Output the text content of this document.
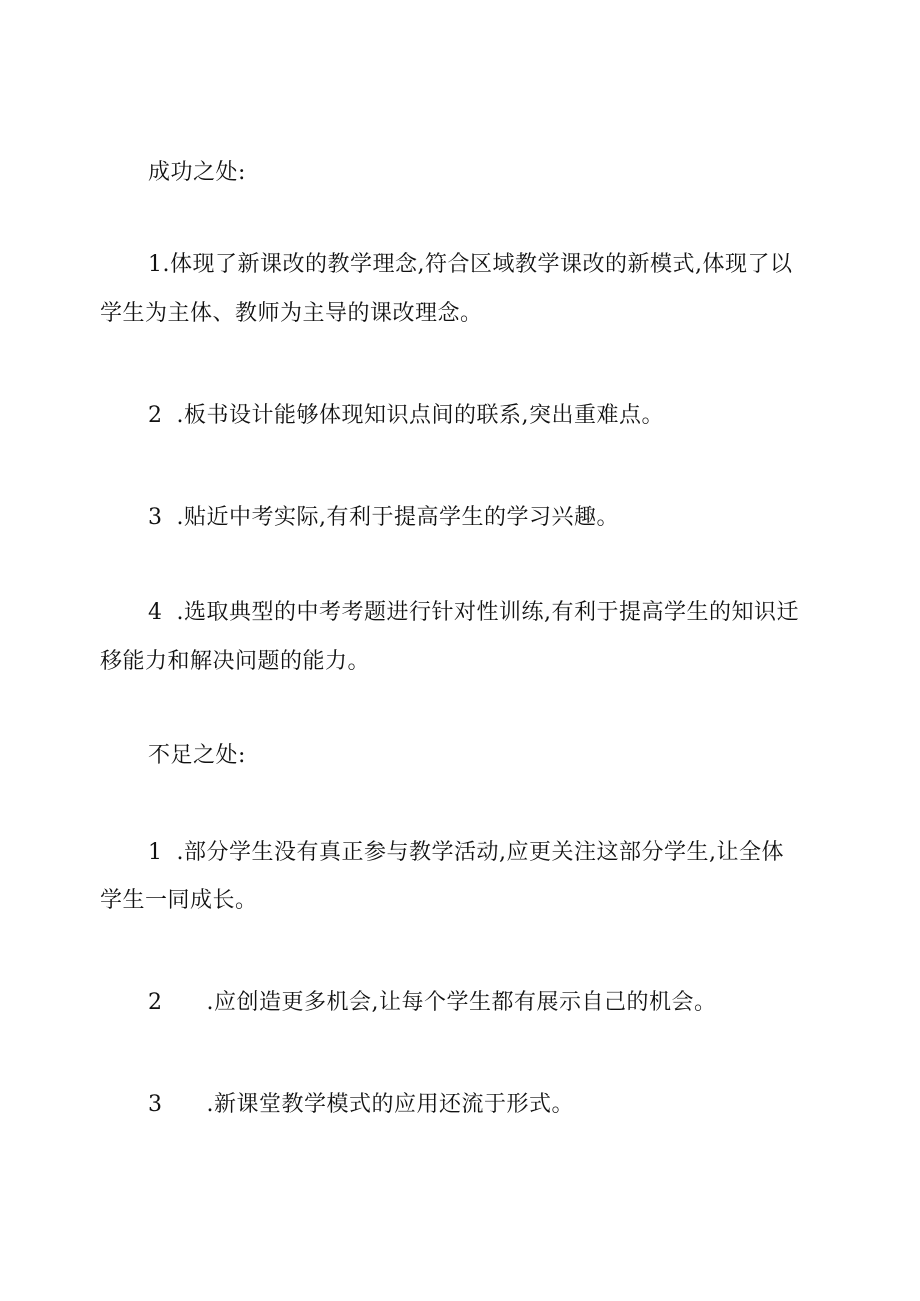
成功之处:
1.体现了新课改的教学理念,符合区域教学课改的新模式,体现了以
学生为主体、教师为主导的课改理念。
2 .板书设计能够体现知识点间的联系,突出重难点。
3 .贴近中考实际,有利于提高学生的学习兴趣。
4 .选取典型的中考考题进行针对性训练,有利于提高学生的知识迁
移能力和解决问题的能力。
不足之处:
1 .部分学生没有真正参与教学活动,应更关注这部分学生,让全体
学生一同成长。
2 .应创造更多机会,让每个学生都有展示自己的机会。
3 .新课堂教学模式的应用还流于形式。
